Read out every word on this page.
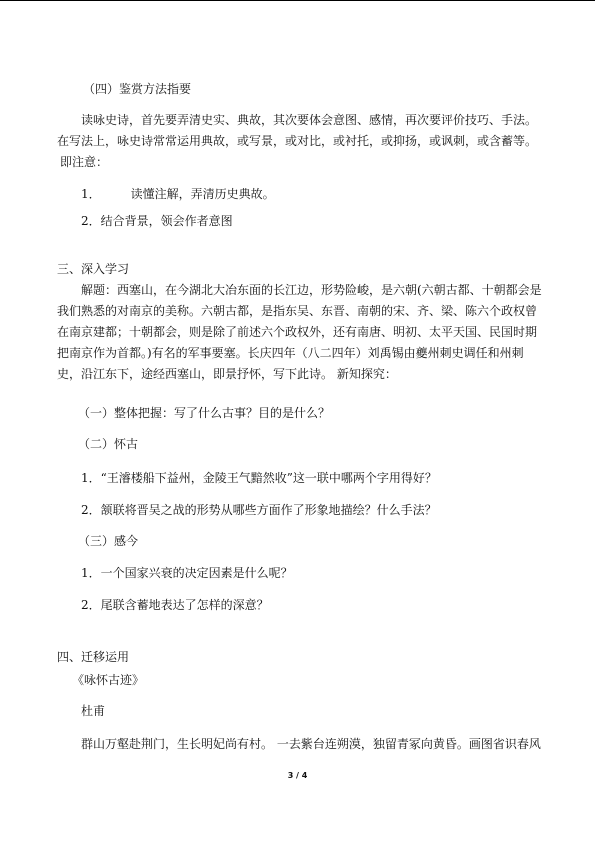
（四）鉴赏方法指要

读咏史诗，首先要弄清史实、典故，其次要体会意图、感情，再次要评价技巧、手法。

在写法上，咏史诗常常运用典故，或写景，或对比，或衬托，或抑扬，或讽刺，或含蓄等。

即注意：

1．	读懂注解，弄清历史典故。

2．结合背景，领会作者意图

三、深入学习

解题：西塞山，在今湖北大冶东面的长江边，形势险峻，是六朝(六朝古都、十朝都会是

我们熟悉的对南京的美称。六朝古都，是指东吴、东晋、南朝的宋、齐、梁、陈六个政权曾

在南京建都；十朝都会，则是除了前述六个政权外，还有南唐、明初、太平天国、民国时期

把南京作为首都。)有名的军事要塞。长庆四年（八二四年）刘禹锡由夔州刺史调任和州刺

史，沿江东下，途经西塞山，即景抒怀，写下此诗。 新知探究：

（一）整体把握：写了什么古事？目的是什么？

（二）怀古

1．“王濬楼船下益州，金陵王气黯然收”这一联中哪两个字用得好？

2．颔联将晋吴之战的形势从哪些方面作了形象地描绘？什么手法？

（三）感今

1．一个国家兴衰的决定因素是什么呢？

2．尾联含蓄地表达了怎样的深意？

四、迁移运用

《咏怀古迹》

杜甫

群山万壑赴荆门，生长明妃尚有村。 一去紫台连朔漠，独留青冢向黄昏。画图省识春风

3 / 4
